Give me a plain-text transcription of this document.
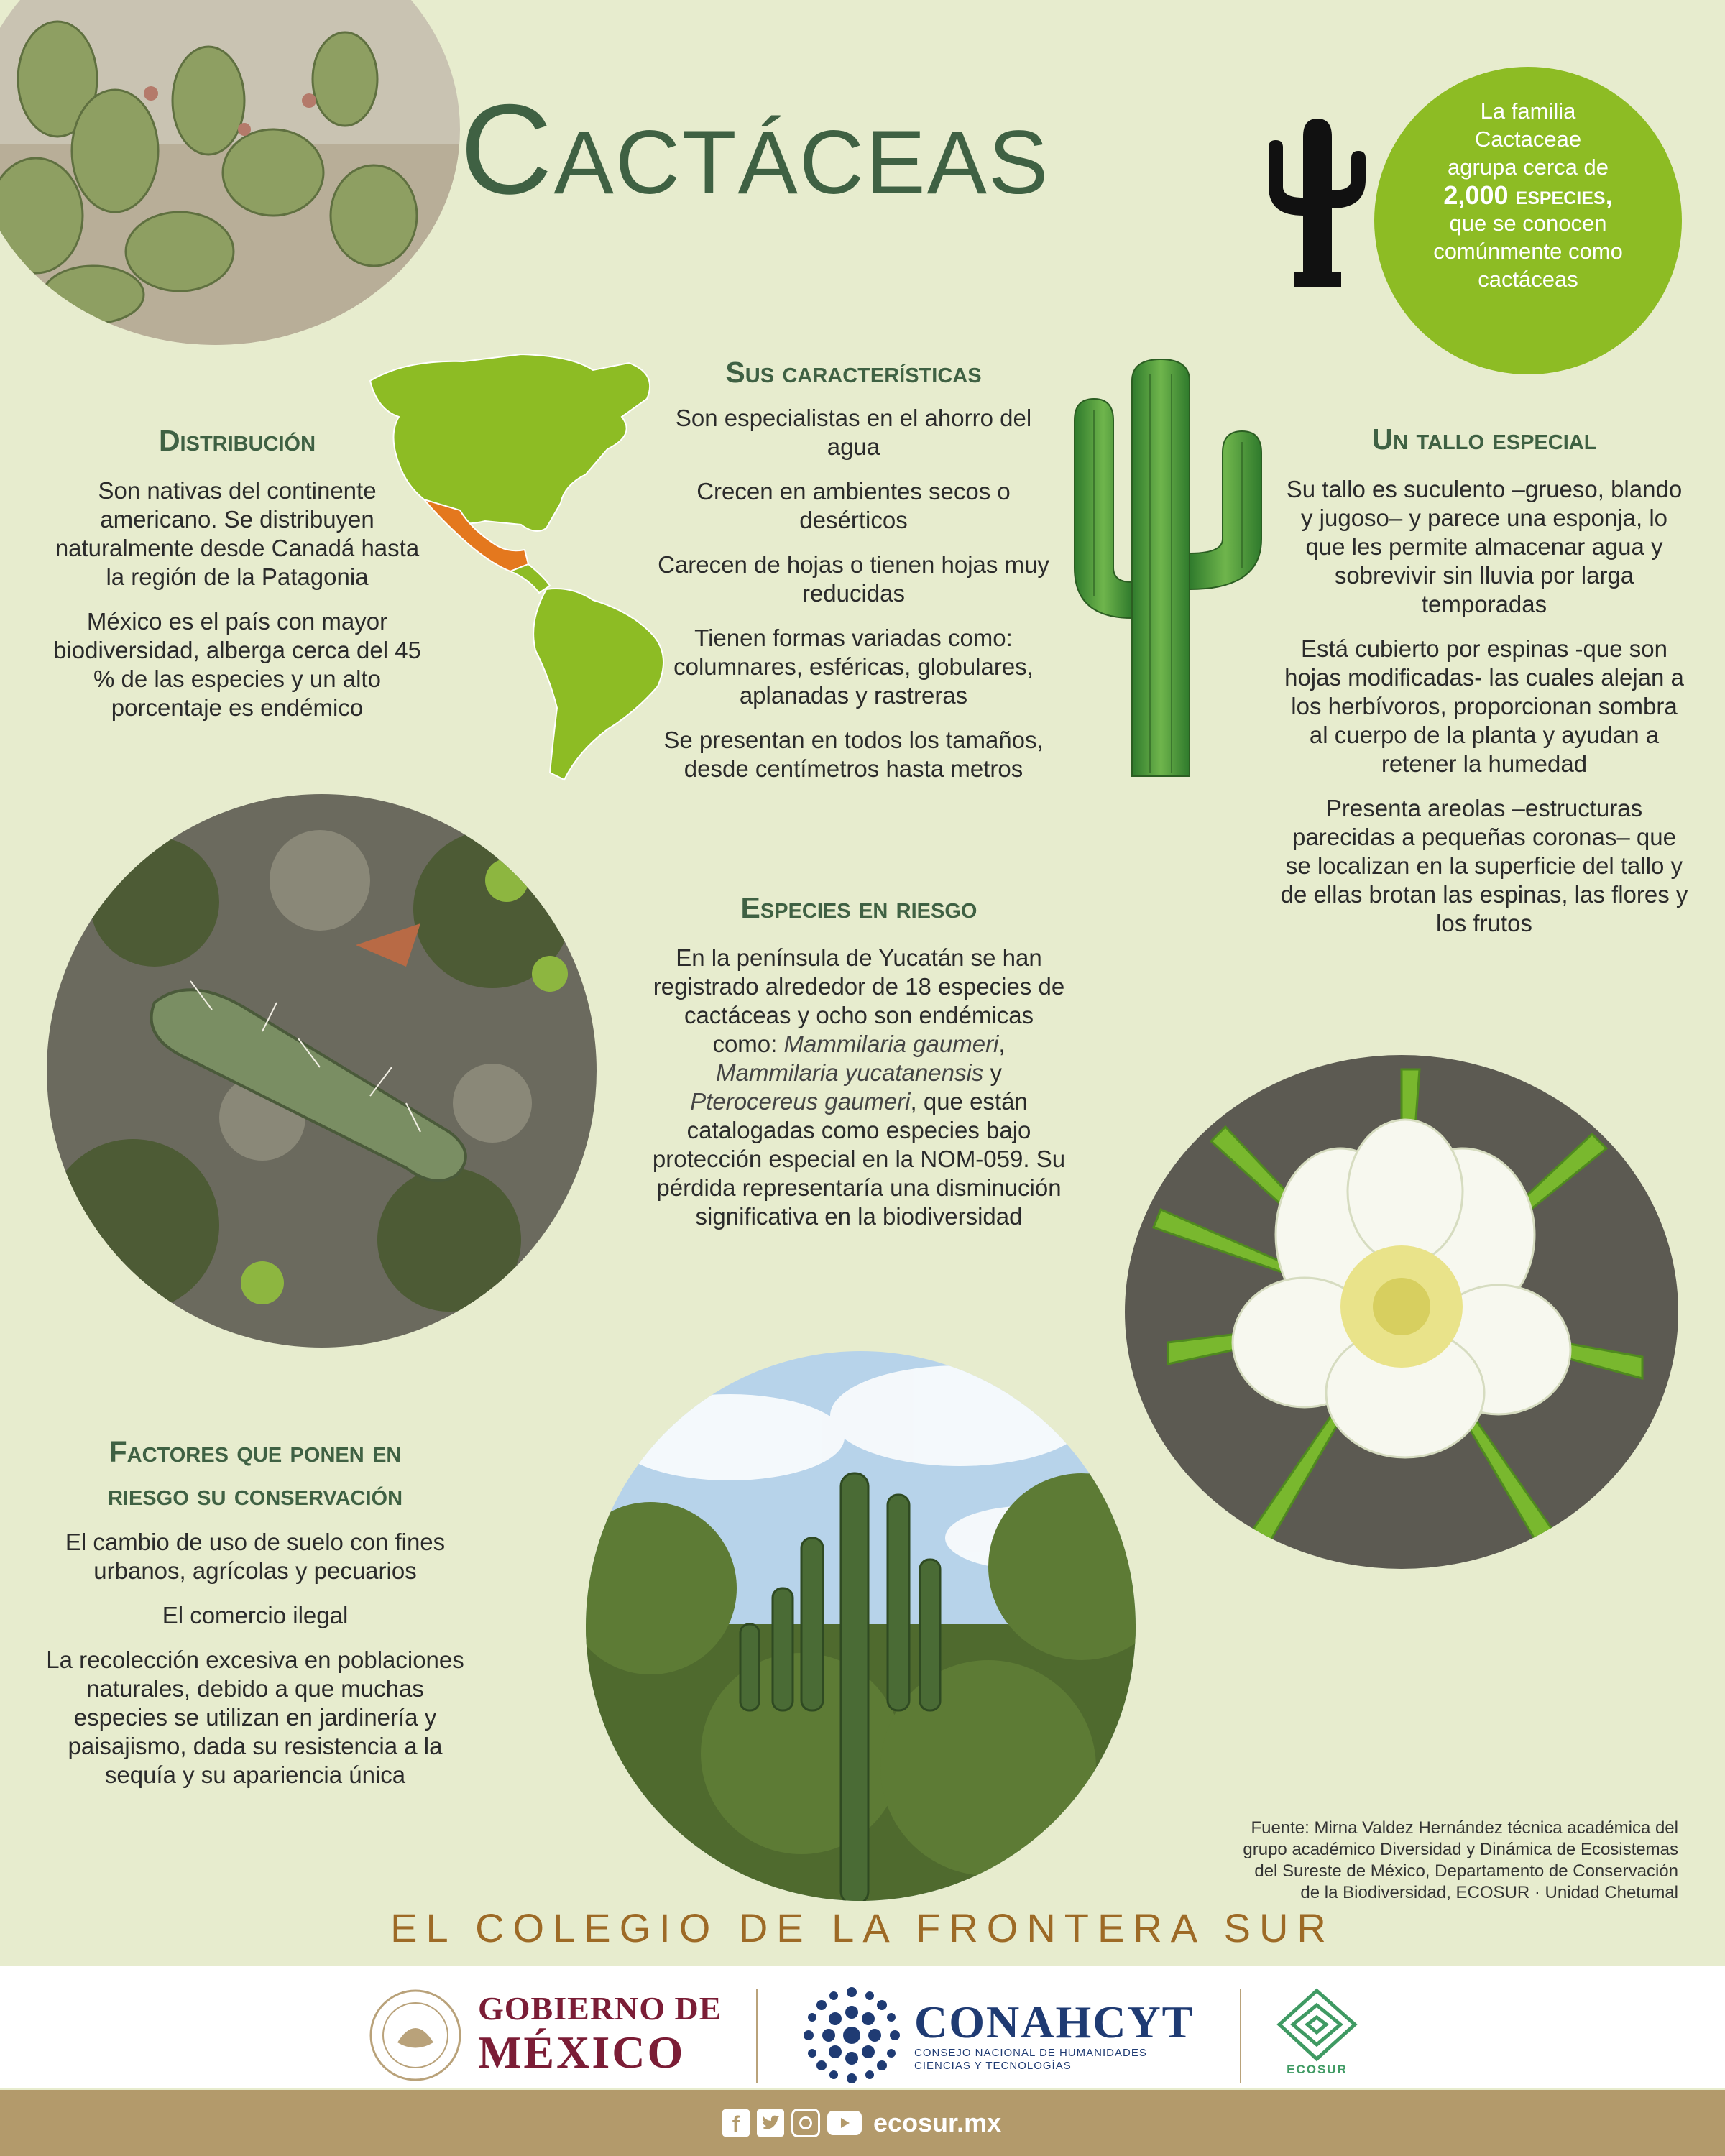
Cactáceas	La familia
Cactaceae
agrupa cerca de
2,000 especies,
que se conocen
comúnmente como
cactáceas
Distribución

Son nativas del continente americano. Se distribuyen naturalmente desde Canadá hasta la región de la Patagonia

México es el país con mayor biodiversidad, alberga cerca del 45 % de las especies y un alto porcentaje es endémico

Sus características

Son especialistas en el ahorro del agua

Crecen en ambientes secos o desérticos

Carecen de hojas o tienen hojas muy reducidas

Tienen formas variadas como: columnares, esféricas, globulares, aplanadas y rastreras

Se presentan en todos los tamaños, desde centímetros hasta metros

Un tallo especial

Su tallo es suculento –grueso, blando y jugoso– y parece una esponja, lo que les permite almacenar agua y sobrevivir sin lluvia por larga temporadas

Está cubierto por espinas -que son hojas modificadas- las cuales alejan a los herbívoros, proporcionan sombra al cuerpo de la planta y ayudan a retener la humedad

Presenta areolas –estructuras parecidas a pequeñas coronas– que se localizan en la superficie del tallo y de ellas brotan las espinas, las flores y los frutos

Especies en riesgo

En la península de Yucatán se han registrado alrededor de 18 especies de cactáceas y ocho son endémicas como: Mammilaria gaumeri, Mammilaria yucatanensis y Pterocereus gaumeri, que están catalogadas como especies bajo protección especial en la NOM-059. Su pérdida representaría una disminución significativa en la biodiversidad

Factores que ponen en
riesgo su conservación

El cambio de uso de suelo con fines urbanos, agrícolas y pecuarios

El comercio ilegal

La recolección excesiva en poblaciones naturales, debido a que muchas especies se utilizan en jardinería y paisajismo, dada su resistencia a la sequía y su apariencia única

Fuente: Mirna Valdez Hernández técnica académica del
grupo académico Diversidad y Dinámica de Ecosistemas
del Sureste de México, Departamento de Conservación
de la Biodiversidad, ECOSUR · Unidad Chetumal
EL COLEGIO DE LA FRONTERA SUR
GOBIERNO DE
MÉXICO
CONAHCYT
CONSEJO NACIONAL DE HUMANIDADES
CIENCIAS Y TECNOLOGÍAS	ECOSUR
f	ecosur.mx
